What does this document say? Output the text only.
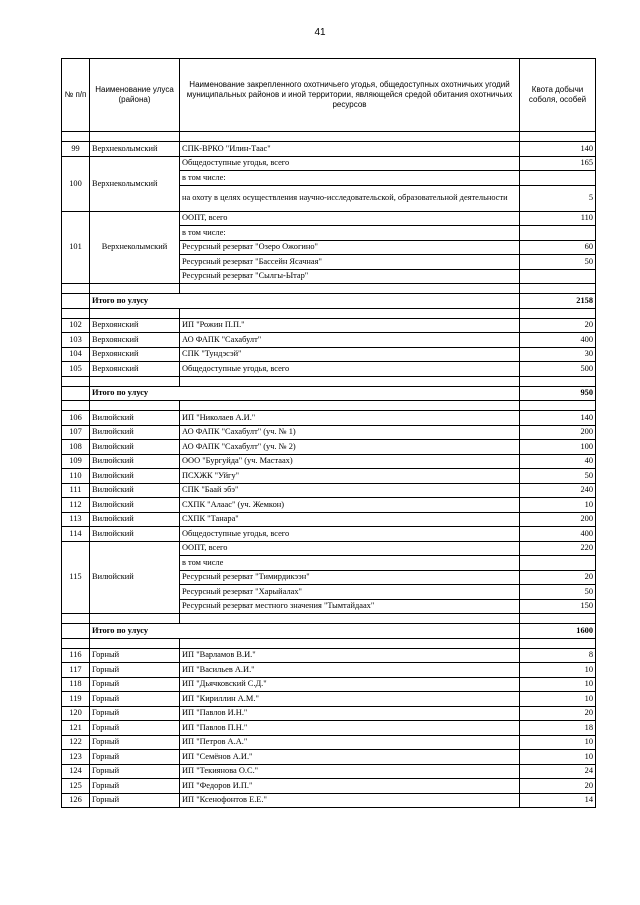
41
№ п/п	Наименование улуса (района)	Наименование закрепленного охотничьего угодья, общедоступных охотничьих угодий муниципальных районов и иной территории, являющейся средой обитания охотничьих ресурсов	Квота добычи соболя, особей

99	Верхнеколымский	СПК-ВРКО "Илин-Таас"	140
100	Верхнеколымский	Общедоступные угодья, всего	165
		в том числе:	
		на охоту в целях осуществления научно-исследовательской, образовательной деятельности	5
101	Верхнеколымский	ООПТ, всего	110
		в том числе:	
		Ресурсный резерват "Озеро Ожогино"	60
		Ресурсный резерват "Бассейн Ясачная"	50
		Ресурсный резерват "Сылгы-Ытар"	

	Итого по улусу		2158

102	Верхоянский	ИП "Рожин П.П."	20
103	Верхоянский	АО ФАПК "Сахабулт"	400
104	Верхоянский	СПК "Тундэсэй"	30
105	Верхоянский	Общедоступные угодья, всего	500

	Итого по улусу		950

106	Вилюйский	ИП "Николаев А.И."	140
107	Вилюйский	АО ФАПК "Сахабулт" (уч. № 1)	200
108	Вилюйский	АО ФАПК "Сахабулт" (уч. № 2)	100
109	Вилюйский	ООО "Бургуйда" (уч. Мастаах)	40
110	Вилюйский	ПСХЖК "Уйгу"	50
111	Вилюйский	СПК "Баай эбэ"	240
112	Вилюйский	СХПК "Алаас" (уч. Жемкон)	10
113	Вилюйский	СХПК "Танара"	200
114	Вилюйский	Общедоступные угодья, всего	400
115	Вилюйский	ООПТ, всего	220
		в том числе	
		Ресурсный резерват "Тимирдикээн"	20
		Ресурсный резерват "Харыйалах"	50
		Ресурсный резерват местного значения "Тымтайдаах"	150

	Итого по улусу		1600

116	Горный	ИП "Варламов В.И."	8
117	Горный	ИП "Васильев А.И."	10
118	Горный	ИП "Дьячковский С.Д."	10
119	Горный	ИП "Кириллин А.М."	10
120	Горный	ИП "Павлов И.Н."	20
121	Горный	ИП "Павлов П.Н."	18
122	Горный	ИП "Петров А.А."	10
123	Горный	ИП "Семёнов А.И."	10
124	Горный	ИП "Текиянова О.С."	24
125	Горный	ИП "Федоров И.П."	20
126	Горный	ИП "Ксенофонтов Е.Е."	14
